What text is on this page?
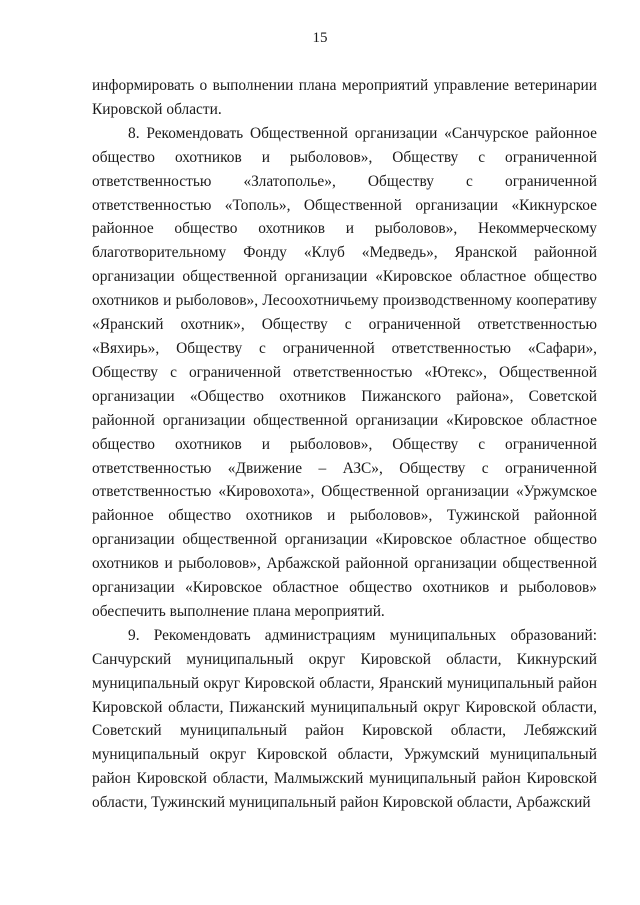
15

информировать о выполнении плана мероприятий управление ветеринарии Кировской области.

8. Рекомендовать Общественной организации «Санчурское районное общество охотников и рыболовов», Обществу с ограниченной ответственностью «Златополье», Обществу с ограниченной ответственностью «Тополь», Общественной организации «Кикнурское районное общество охотников и рыболовов», Некоммерческому благотворительному Фонду «Клуб «Медведь», Яранской районной организации общественной организации «Кировское областное общество охотников и рыболовов», Лесоохотничьему производственному кооперативу «Яранский охотник», Обществу с ограниченной ответственностью «Вяхирь», Обществу с ограниченной ответственностью «Сафари», Обществу с ограниченной ответственностью «Ютекс», Общественной организации «Общество охотников Пижанского района», Советской районной организации общественной организации «Кировское областное общество охотников и рыболовов», Обществу с ограниченной ответственностью «Движение – АЗС», Обществу с ограниченной ответственностью «Кировохота», Общественной организации «Уржумское районное общество охотников и рыболовов», Тужинской районной организации общественной организации «Кировское областное общество охотников и рыболовов», Арбажской районной организации общественной организации «Кировское областное общество охотников и рыболовов» обеспечить выполнение плана мероприятий.

9. Рекомендовать администрациям муниципальных образований: Санчурский муниципальный округ Кировской области, Кикнурский муниципальный округ Кировской области, Яранский муниципальный район Кировской области, Пижанский муниципальный округ Кировской области, Советский муниципальный район Кировской области, Лебяжский муниципальный округ Кировской области, Уржумский муниципальный район Кировской области, Малмыжский муниципальный район Кировской области, Тужинский муниципальный район Кировской области, Арбажский
